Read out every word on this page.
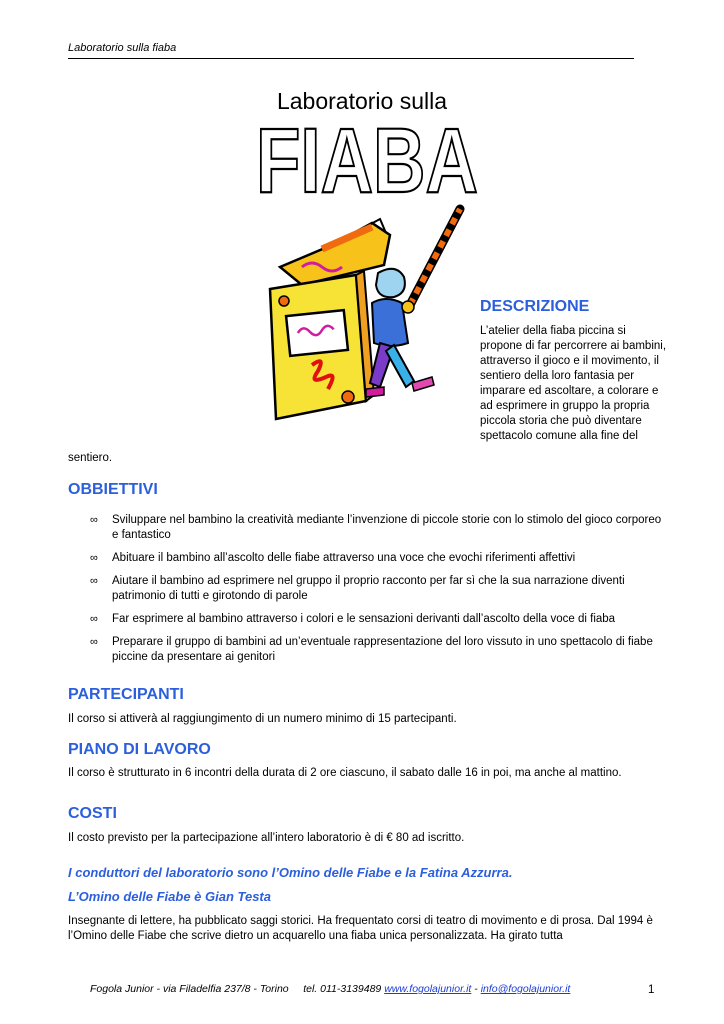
Laboratorio sulla fiaba
Laboratorio sulla
FIABA
DESCRIZIONE
L’atelier della fiaba piccina si propone di far percorrere ai bambini, attraverso il gioco e il movimento, il sentiero della loro fantasia per imparare ed ascoltare, a colorare e ad esprimere in gruppo la propria piccola storia che può diventare spettacolo comune alla fine del
sentiero.
OBBIETTIVI
∞ Sviluppare nel bambino la creatività mediante l’invenzione di piccole storie con lo stimolo del gioco corporeo e fantastico
∞ Abituare il bambino all’ascolto delle fiabe attraverso una voce che evochi riferimenti affettivi
∞ Aiutare il bambino ad esprimere nel gruppo il proprio racconto per far sì che la sua narrazione diventi patrimonio di tutti e girotondo di parole
∞ Far esprimere al bambino attraverso i colori e le sensazioni derivanti dall’ascolto della voce di fiaba
∞ Preparare il gruppo di bambini ad un’eventuale rappresentazione del loro vissuto in uno spettacolo di fiabe piccine da presentare ai genitori
PARTECIPANTI
Il corso si attiverà al raggiungimento di un numero minimo di 15 partecipanti.
PIANO DI LAVORO
Il corso è strutturato in 6 incontri della durata di 2 ore ciascuno, il sabato dalle 16 in poi, ma anche al mattino.
COSTI
Il costo previsto per la partecipazione all’intero laboratorio è di € 80 ad iscritto.
I conduttori del laboratorio sono l’Omino delle Fiabe e la Fatina Azzurra.
L’Omino delle Fiabe è Gian Testa
Insegnante di lettere, ha pubblicato saggi storici. Ha frequentato corsi di teatro di movimento e di prosa. Dal 1994 è l’Omino delle Fiabe che scrive dietro un acquarello una fiaba unica personalizzata. Ha girato tutta
Fogola Junior - via Filadelfia 237/8 - Torino     tel. 011-3139489 www.fogolajunior.it - info@fogolajunior.it	1
